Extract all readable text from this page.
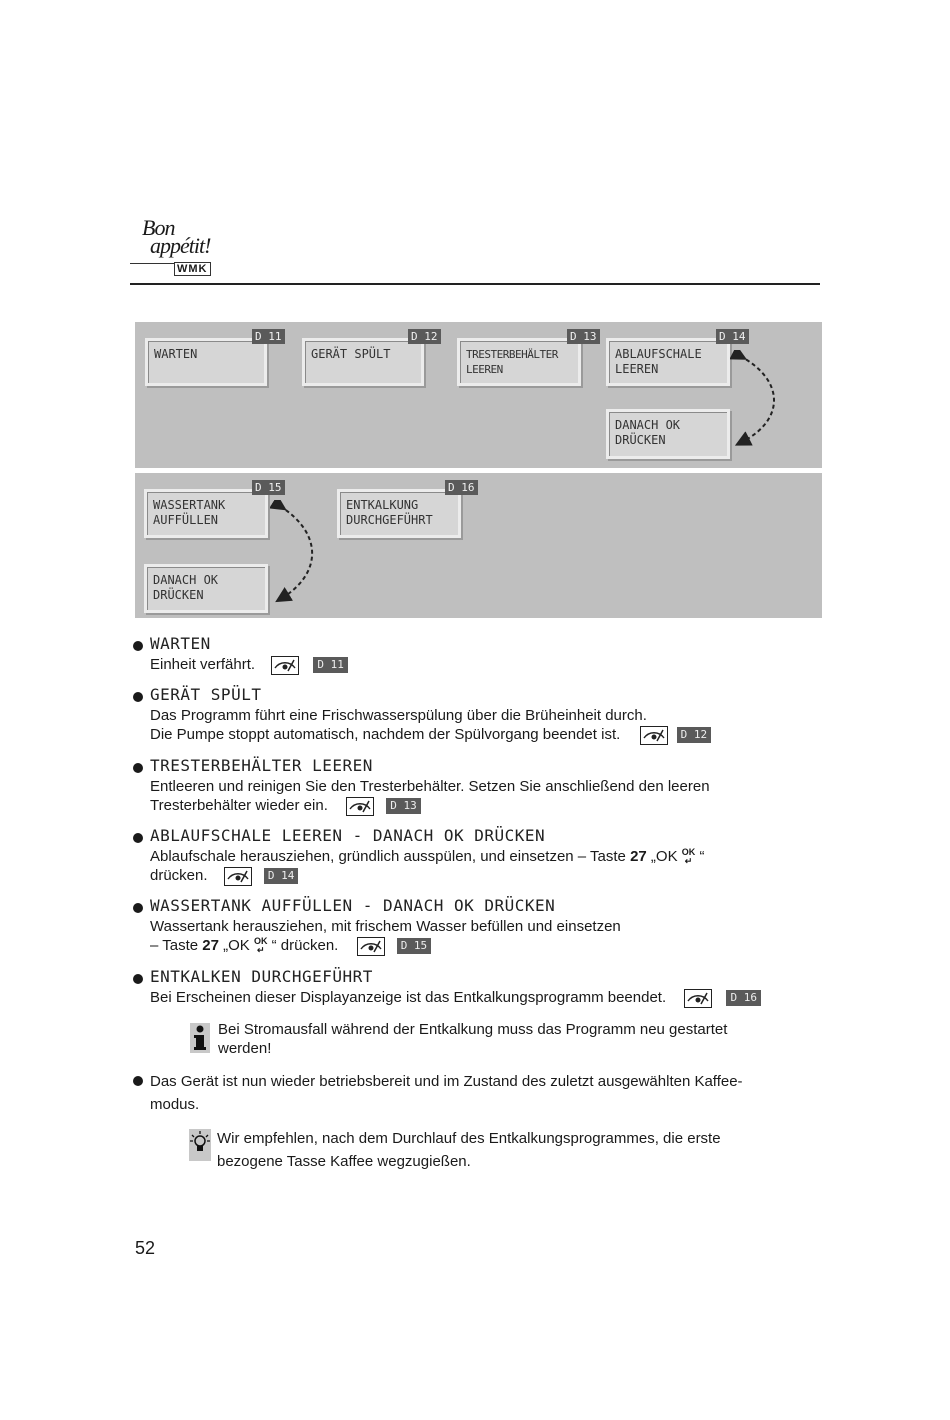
Bon
appétit!
WMK
WARTEN
D 11
GERÄT SPÜLT
D 12
TRESTERBEHÄLTER
LEEREN
D 13
ABLAUFSCHALE
LEEREN
D 14
DANACH OK
DRÜCKEN
WASSERTANK
AUFFÜLLEN
D 15
ENTKALKUNG
DURCHGEFÜHRT
D 16
DANACH OK
DRÜCKEN
WARTEN
Einheit verfährt.	D 11
GERÄT SPÜLT
Das Programm führt eine Frischwasserspülung über die Brüheinheit durch.
Die Pumpe stoppt automatisch, nachdem der Spülvorgang beendet ist.	D 12
TRESTERBEHÄLTER LEEREN
Entleeren und reinigen Sie den Tresterbehälter. Setzen Sie anschließend den leeren
Tresterbehälter wieder ein.	D 13
ABLAUFSCHALE LEEREN - DANACH OK DRÜCKEN
Ablaufschale herausziehen, gründlich ausspülen, und einsetzen – Taste 27 „OK OK
↵ “
drücken.	D 14
WASSERTANK AUFFÜLLEN - DANACH OK DRÜCKEN
Wassertank herausziehen, mit frischem Wasser befüllen und einsetzen
– Taste 27 „OK OK
↵ “ drücken.	D 15
ENTKALKEN DURCHGEFÜHRT
Bei Erscheinen dieser Displayanzeige ist das Entkalkungsprogramm beendet.	D 16
Bei Stromausfall während der Entkalkung muss das Programm neu gestartet
werden!
Das Gerät ist nun wieder betriebsbereit und im Zustand des zuletzt ausgewählten Kaffee-
modus.
Wir empfehlen, nach dem Durchlauf des Entkalkungsprogrammes, die erste
bezogene Tasse Kaffee wegzugießen.
52
